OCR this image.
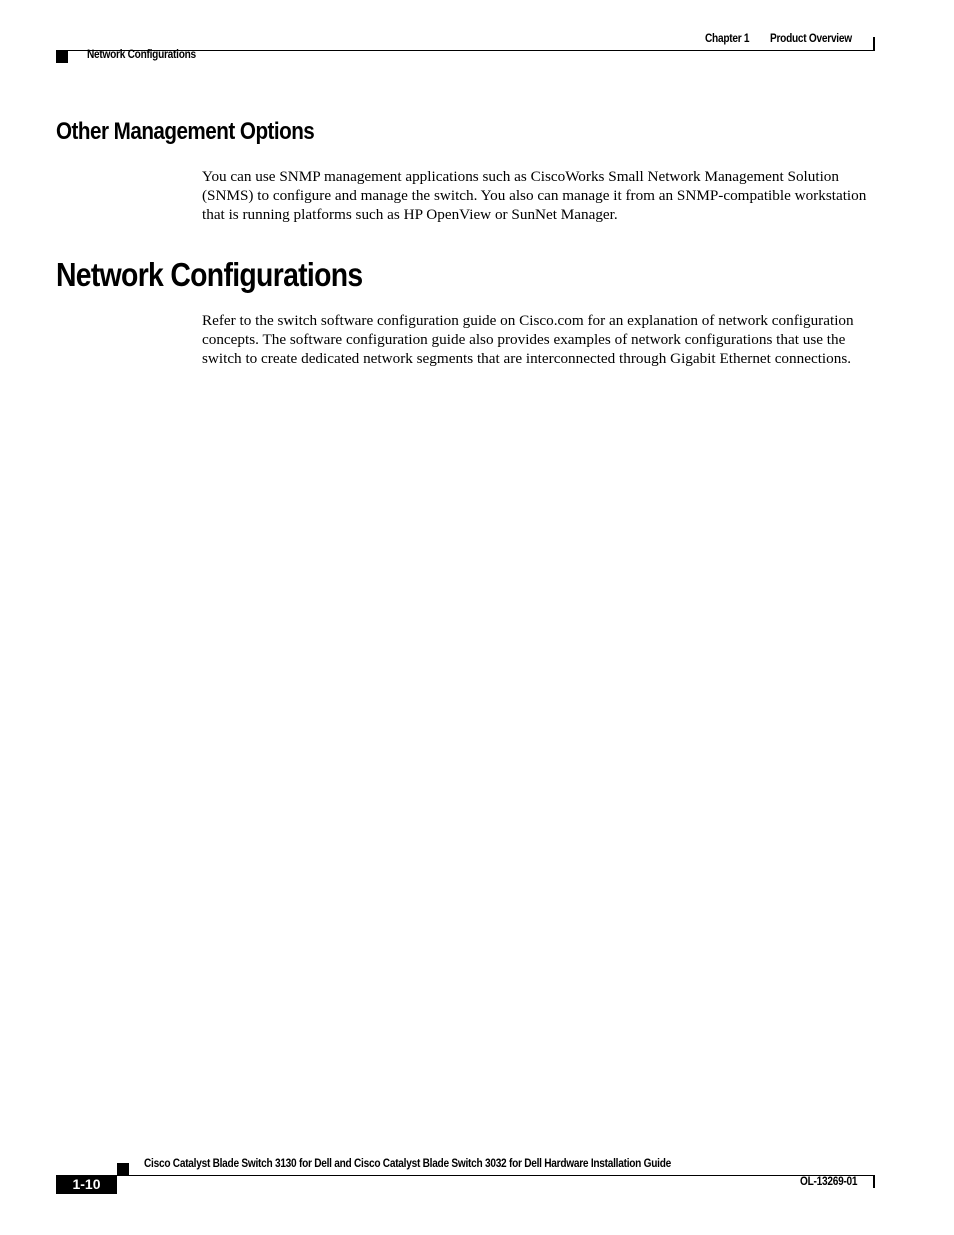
Chapter 1 Product Overview
Network Configurations
Other Management Options
You can use SNMP management applications such as CiscoWorks Small Network Management Solution (SNMS) to configure and manage the switch. You also can manage it from an SNMP-compatible workstation that is running platforms such as HP OpenView or SunNet Manager.
Network Configurations
Refer to the switch software configuration guide on Cisco.com for an explanation of network configuration concepts. The software configuration guide also provides examples of network configurations that use the switch to create dedicated network segments that are interconnected through Gigabit Ethernet connections.
Cisco Catalyst Blade Switch 3130 for Dell and Cisco Catalyst Blade Switch 3032 for Dell Hardware Installation Guide
1-10	OL-13269-01
